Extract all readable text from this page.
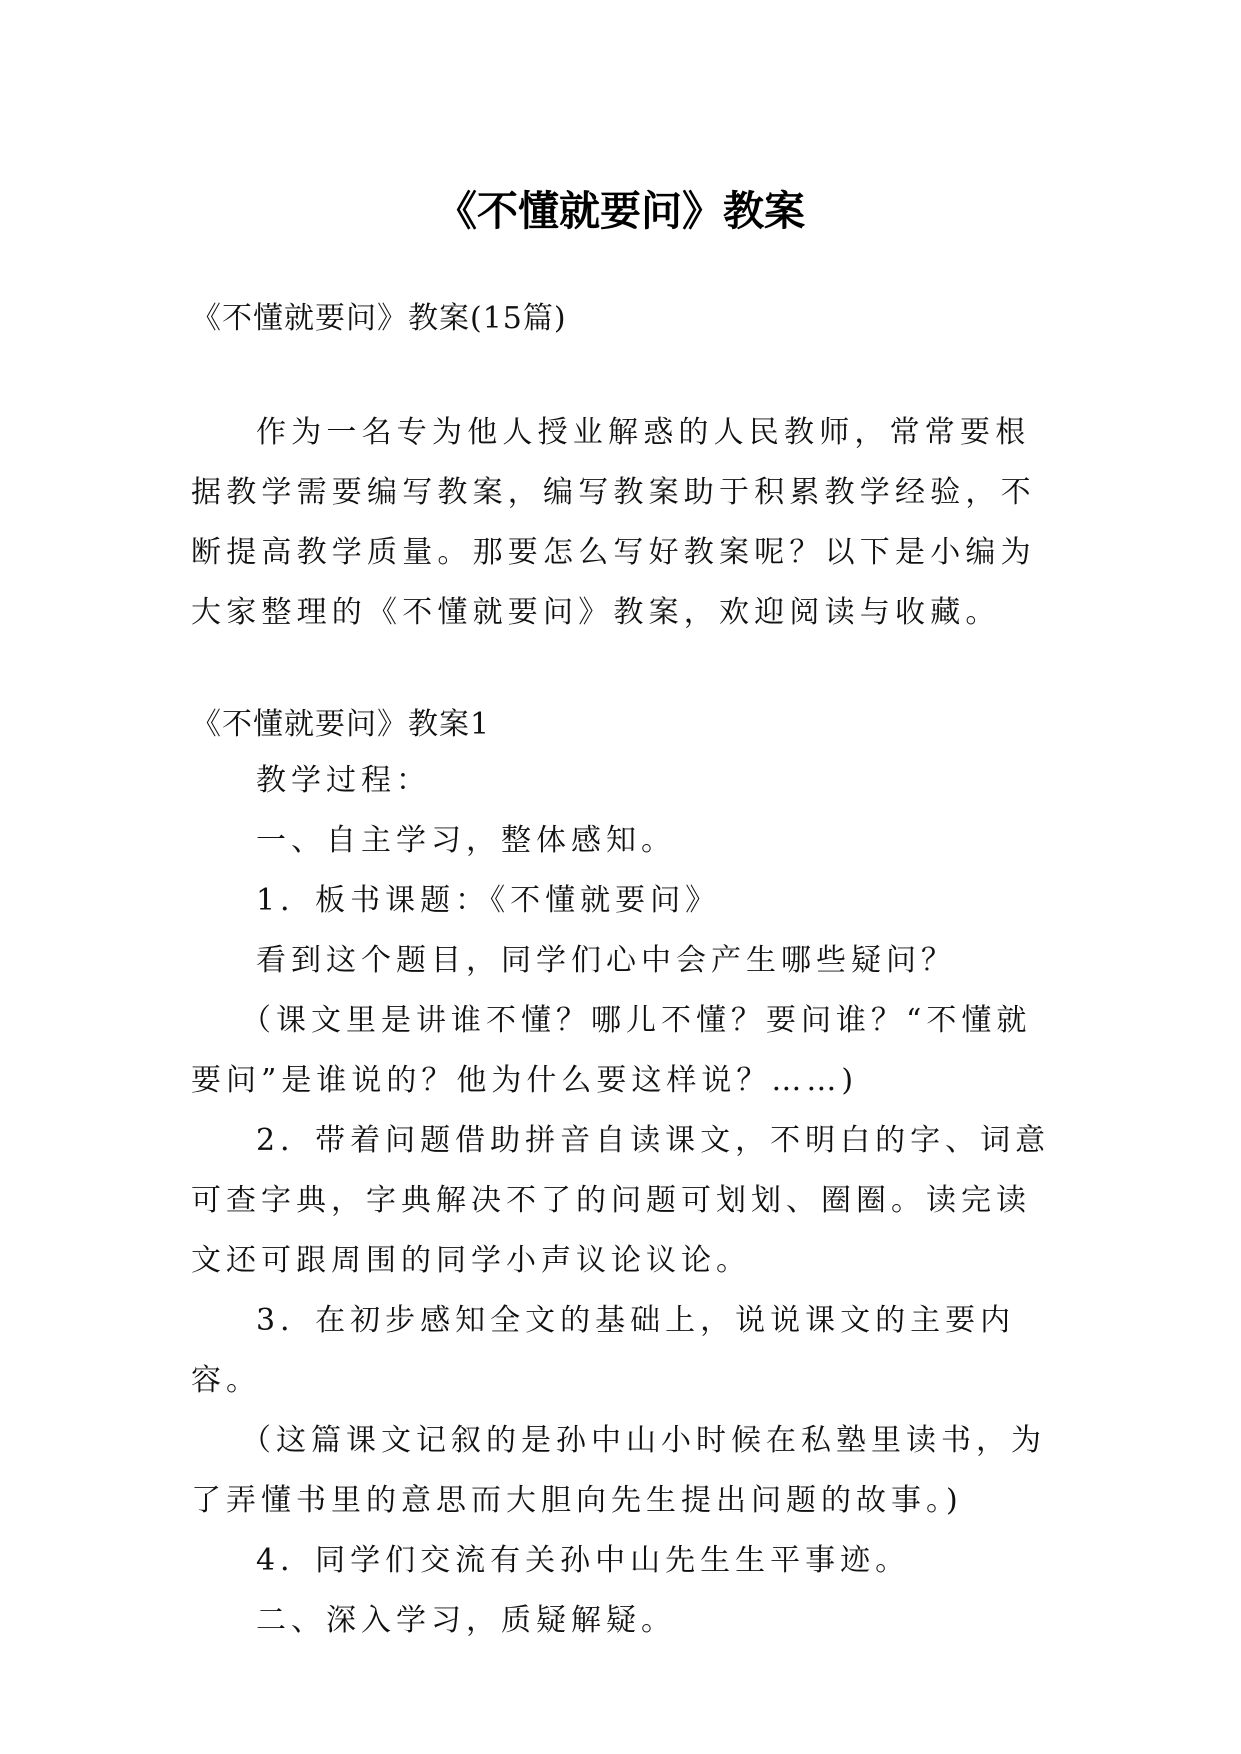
《不懂就要问》教案

《不懂就要问》教案(15篇)

作为一名专为他人授业解惑的人民教师，常常要根据教学需要编写教案，编写教案助于积累教学经验，不断提高教学质量。那要怎么写好教案呢？以下是小编为大家整理的《不懂就要问》教案，欢迎阅读与收藏。

《不懂就要问》教案1

教学过程：

一、自主学习，整体感知。

1．板书课题：《不懂就要问》

看到这个题目，同学们心中会产生哪些疑问？

（课文里是讲谁不懂？哪儿不懂？要问谁？“不懂就要问”是谁说的？他为什么要这样说？……)

2．带着问题借助拼音自读课文，不明白的字、词意可查字典，字典解决不了的问题可划划、圈圈。读完读文还可跟周围的同学小声议论议论。

3．在初步感知全文的基础上，说说课文的主要内容。

（这篇课文记叙的是孙中山小时候在私塾里读书，为了弄懂书里的意思而大胆向先生提出问题的故事。)

4．同学们交流有关孙中山先生生平事迹。

二、深入学习，质疑解疑。
